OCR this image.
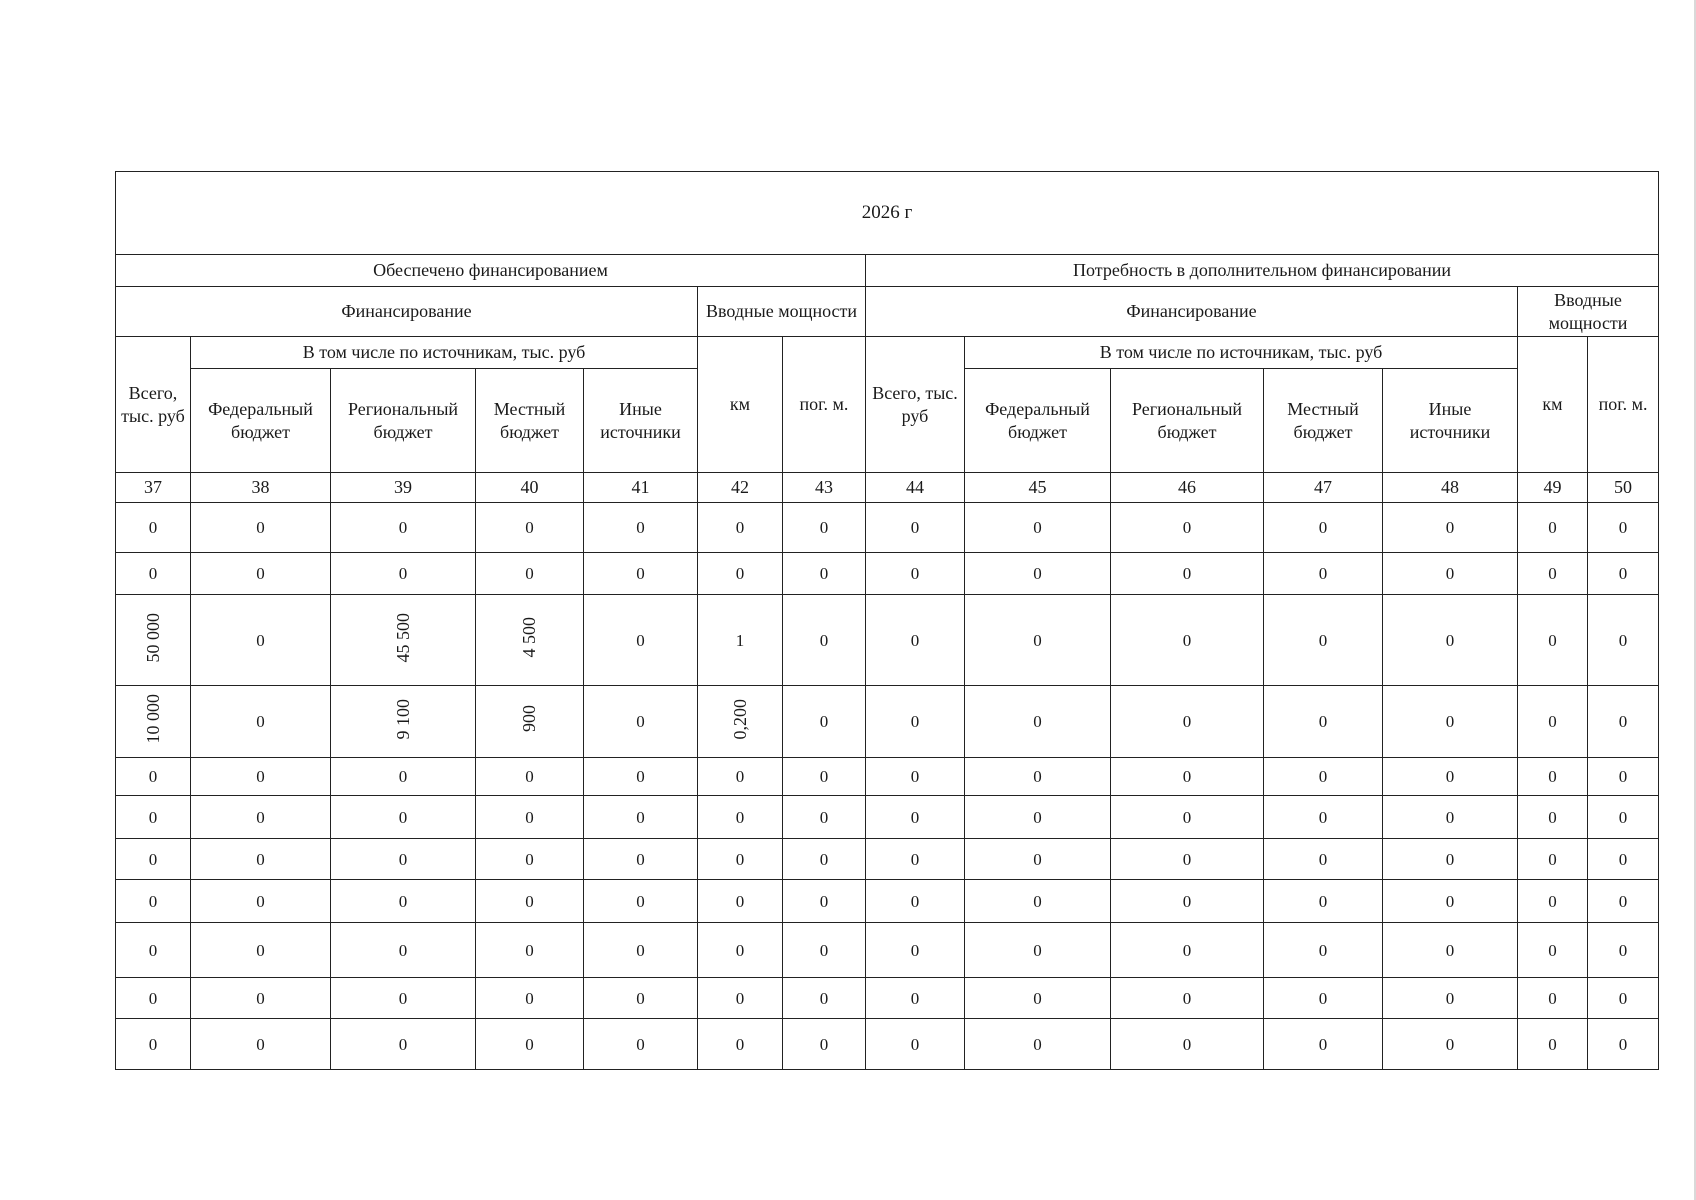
2026 г													
Обеспечено финансированием							Потребность в дополнительном финансировании						
Финансирование					Вводные мощности		Финансирование					Вводные мощности	
Всего, тыс. руб	В том числе по источникам, тыс. руб				км	пог. м.	Всего, тыс. руб	В том числе по источникам, тыс. руб				км	пог. м.
	Федеральный бюджет	Региональный бюджет	Местный бюджет	Иные источники				Федеральный бюджет	Региональный бюджет	Местный бюджет	Иные источники		
37	38	39	40	41	42	43	44	45	46	47	48	49	50
0	0	0	0	0	0	0	0	0	0	0	0	0	0
0	0	0	0	0	0	0	0	0	0	0	0	0	0
50 000	0	45 500	4 500	0	1	0	0	0	0	0	0	0	0
10 000	0	9 100	900	0	0,200	0	0	0	0	0	0	0	0
0	0	0	0	0	0	0	0	0	0	0	0	0	0
0	0	0	0	0	0	0	0	0	0	0	0	0	0
0	0	0	0	0	0	0	0	0	0	0	0	0	0
0	0	0	0	0	0	0	0	0	0	0	0	0	0
0	0	0	0	0	0	0	0	0	0	0	0	0	0
0	0	0	0	0	0	0	0	0	0	0	0	0	0
0	0	0	0	0	0	0	0	0	0	0	0	0	0
